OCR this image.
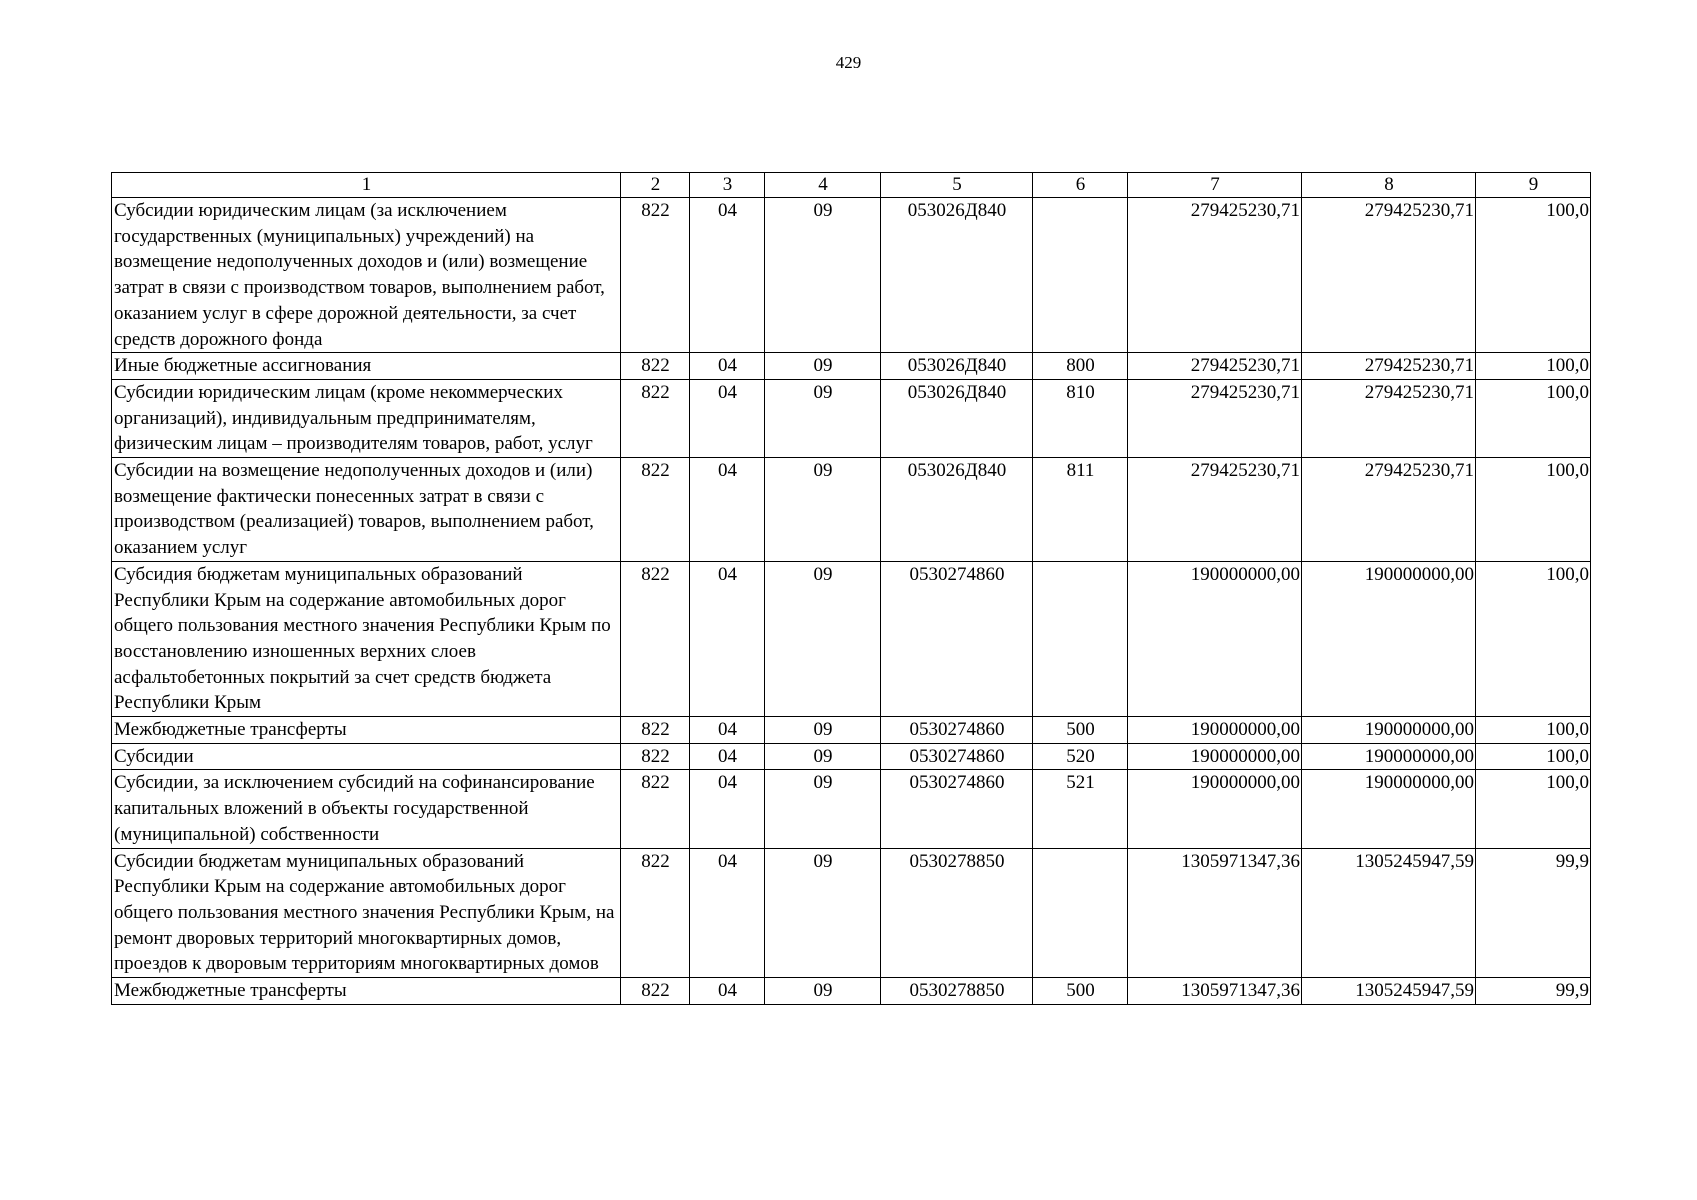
429
1	2	3	4	5	6	7	8	9
Субсидии юридическим лицам (за исключением государственных (муниципальных) учреждений) на возмещение недополученных доходов и (или) возмещение затрат в связи с производством товаров, выполнением работ, оказанием услуг в сфере дорожной деятельности, за счет средств дорожного фонда	822	04	09	053026Д840		279425230,71	279425230,71	100,0
Иные бюджетные ассигнования	822	04	09	053026Д840	800	279425230,71	279425230,71	100,0
Субсидии юридическим лицам (кроме некоммерческих организаций), индивидуальным предпринимателям, физическим лицам – производителям товаров, работ, услуг	822	04	09	053026Д840	810	279425230,71	279425230,71	100,0
Субсидии на возмещение недополученных доходов и (или) возмещение фактически понесенных затрат в связи с производством (реализацией) товаров, выполнением работ, оказанием услуг	822	04	09	053026Д840	811	279425230,71	279425230,71	100,0
Субсидия бюджетам муниципальных образований Республики Крым на содержание автомобильных дорог общего пользования местного значения Республики Крым по восстановлению изношенных верхних слоев асфальтобетонных покрытий за счет средств бюджета Республики Крым	822	04	09	0530274860		190000000,00	190000000,00	100,0
Межбюджетные трансферты	822	04	09	0530274860	500	190000000,00	190000000,00	100,0
Субсидии	822	04	09	0530274860	520	190000000,00	190000000,00	100,0
Субсидии, за исключением субсидий на софинансирование капитальных вложений в объекты государственной (муниципальной) собственности	822	04	09	0530274860	521	190000000,00	190000000,00	100,0
Субсидии бюджетам муниципальных образований Республики Крым на содержание автомобильных дорог общего пользования местного значения Республики Крым, на ремонт дворовых территорий многоквартирных домов, проездов к дворовым территориям многоквартирных домов	822	04	09	0530278850		1305971347,36	1305245947,59	99,9
Межбюджетные трансферты	822	04	09	0530278850	500	1305971347,36	1305245947,59	99,9
